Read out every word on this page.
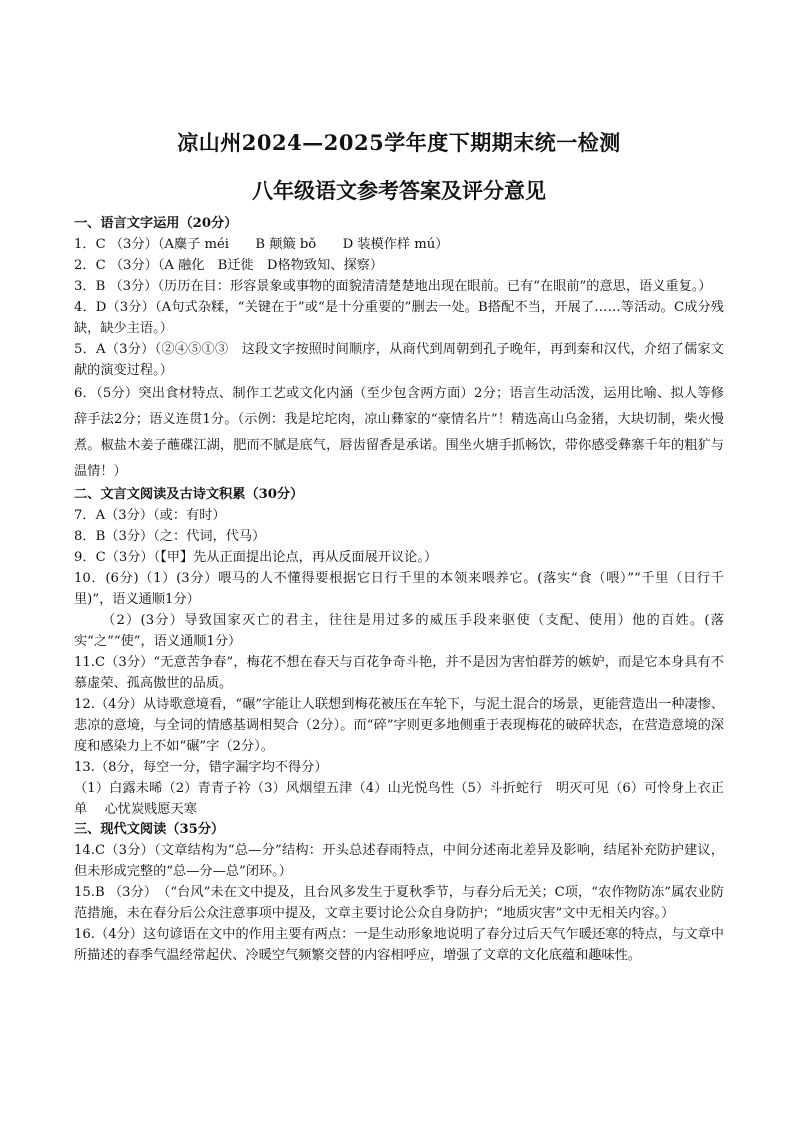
凉山州2024—2025学年度下期期末统一检测
八年级语文参考答案及评分意见
一、语言文字运用（20分）
1．C （3分）（A麋子 méi　　B 颠簸 bǒ　　D 装模作样 mú）
2．C （3分）（A 融化　B迁徙　D格物致知、探察）
3．B （3分）（历历在目：形容景象或事物的面貌清清楚楚地出现在眼前。已有“在眼前”的意思，语义重复。）
4．D（3分）（A句式杂糅，“关键在于”或“是十分重要的”删去一处。B搭配不当，开展了……等活动。C成分残缺，缺少主语。）
5．A（3分）（②④⑤①③　这段文字按照时间顺序，从商代到周朝到孔子晚年，再到秦和汉代，介绍了儒家文献的演变过程。）
6．（5分）突出食材特点、制作工艺或文化内涵（至少包含两方面）2分；语言生动活泼，运用比喻、拟人等修辞手法2分；语义连贯1分。（示例：我是坨坨肉，凉山彝家的“豪情名片”！精选高山乌金猪，大块切制，柴火慢煮。椒盐木姜子蘸碟江湖，肥而不腻是底气，唇齿留香是承诺。围坐火塘手抓畅饮，带你感受彝寨千年的粗犷与温情！）
二、文言文阅读及古诗文积累（30分）
7．A（3分）（或：有时）
8．B（3分）（之：代词，代马）
9．C（3分）（【甲】先从正面提出论点，再从反面展开议论。）
10．(6分)（1）(3分）喂马的人不懂得要根据它日行千里的本领来喂养它。(落实“食（喂）”“千里（日行千里)”，语义通顺1分）
（2）(3分）导致国家灭亡的君主，往往是用过多的威压手段来驱使（支配、使用）他的百姓。(落实“之”“使”，语义通顺1分）
11.C（3分）“无意苦争春”，梅花不想在春天与百花争奇斗艳，并不是因为害怕群芳的嫉妒，而是它本身具有不慕虚荣、孤高傲世的品质。
12.（4分）从诗歌意境看，“碾”字能让人联想到梅花被压在车轮下，与泥土混合的场景，更能营造出一种凄惨、悲凉的意境，与全词的情感基调相契合（2分）。而“碎”字则更多地侧重于表现梅花的破碎状态，在营造意境的深度和感染力上不如“碾”字（2分）。
13.（8分，每空一分，错字漏字均不得分）
（1）白露未晞（2）青青子衿（3）风烟望五津（4）山光悦鸟性（5）斗折蛇行　明灭可见（6）可怜身上衣正单　 心忧炭贱愿天寒
三、现代文阅读（35分）
14.C（3分）（文章结构为“总—分”结构：开头总述春雨特点，中间分述南北差异及影响，结尾补充防护建议，但未形成完整的“总—分—总”闭环。）
15.B （3分）　（“台风”未在文中提及，且台风多发生于夏秋季节，与春分后无关；C项，“农作物防冻”属农业防范措施，未在春分后公众注意事项中提及，文章主要讨论公众自身防护；“地质灾害”文中无相关内容。）
16.（4分）这句谚语在文中的作用主要有两点：一是生动形象地说明了春分过后天气乍暖还寒的特点，与文章中所描述的春季气温经常起伏、冷暖空气频繁交替的内容相呼应，增强了文章的文化底蕴和趣味性。
